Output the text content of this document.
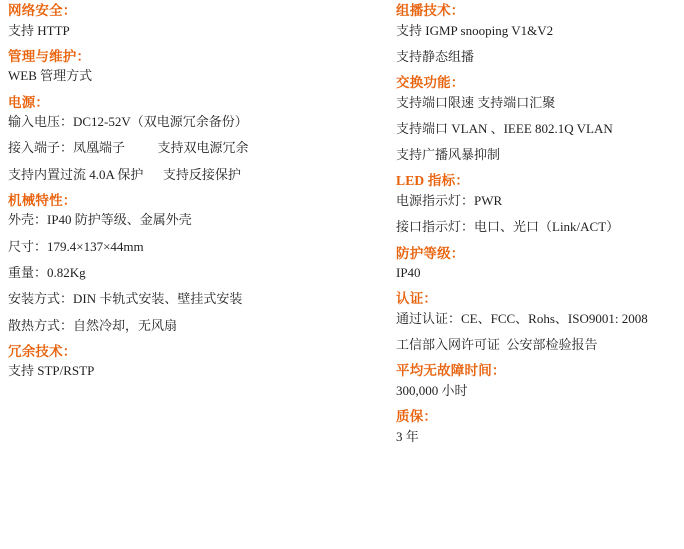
网络安全：
支持 HTTP
管理与维护：
WEB 管理方式
电源：
输入电压：DC12-52V（双电源冗余备份）
接入端子：凤凰端子          支持双电源冗余
支持内置过流 4.0A 保护      支持反接保护
机械特性：
外壳：IP40 防护等级、金属外壳
尺寸：179.4×137×44mm
重量：0.82Kg
安装方式：DIN 卡轨式安装、壁挂式安装
散热方式：自然冷却，无风扇
冗余技术：
支持 STP/RSTP
组播技术：
支持 IGMP snooping V1&V2
支持静态组播
交换功能：
支持端口限速 支持端口汇聚
支持端口 VLAN 、IEEE 802.1Q VLAN
支持广播风暴抑制
LED 指标：
电源指示灯：PWR
接口指示灯：电口、光口（Link/ACT）
防护等级：
IP40
认证：
通过认证：CE、FCC、Rohs、ISO9001: 2008
工信部入网许可证  公安部检验报告
平均无故障时间：
300,000 小时
质保：
3 年
